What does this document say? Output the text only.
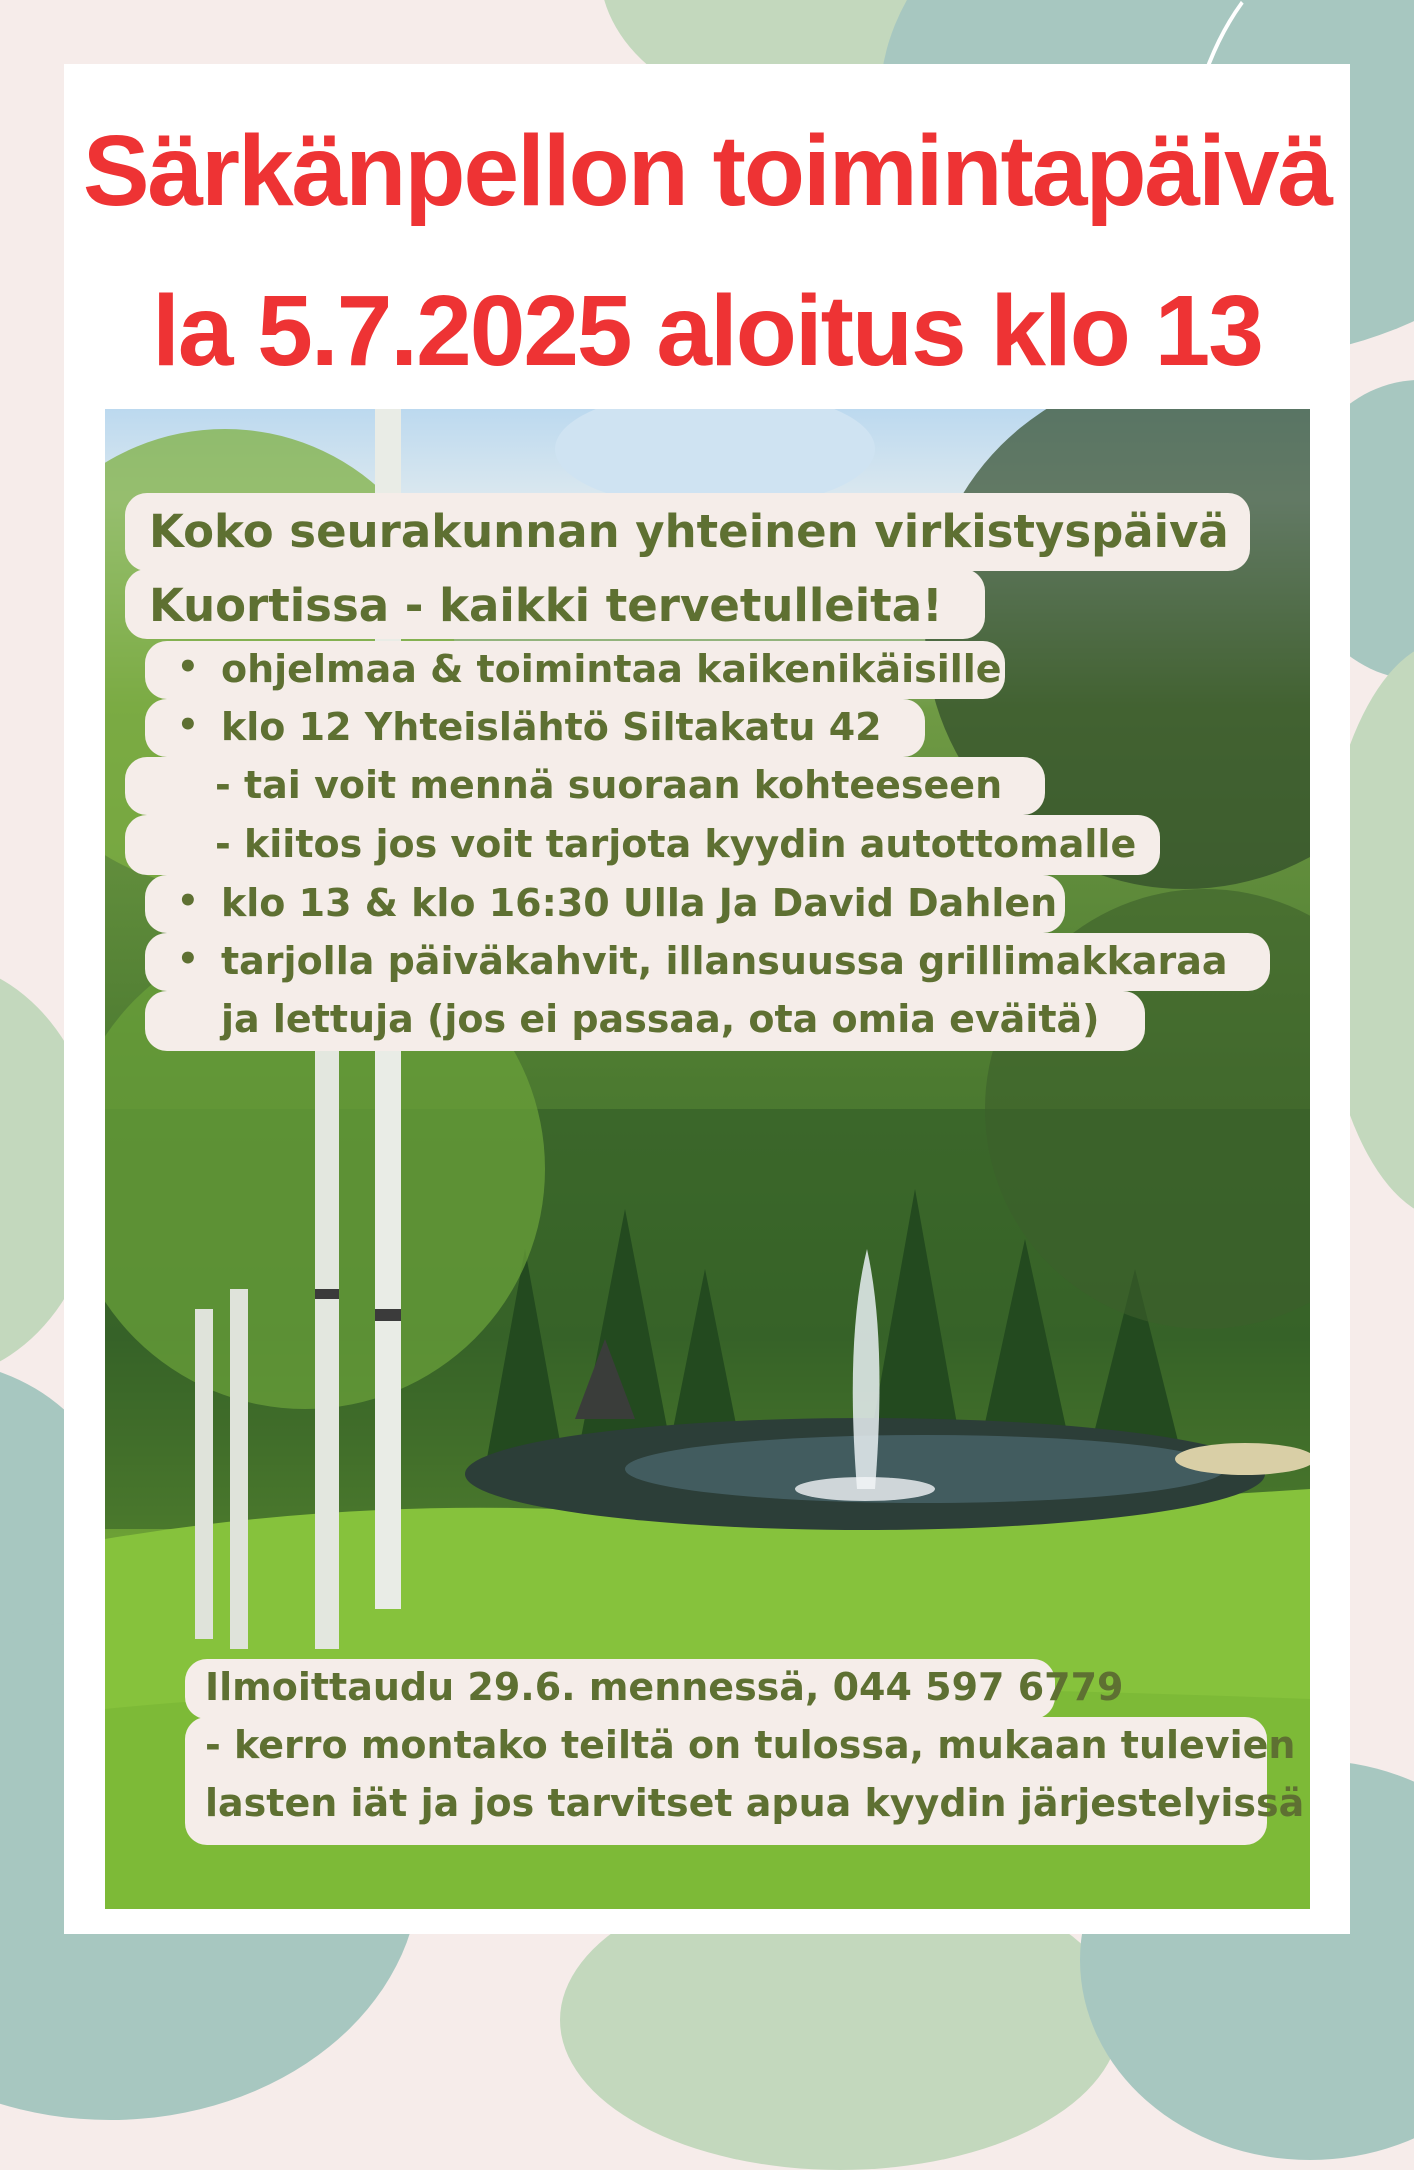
Särkänpellon toimintapäivä
la 5.7.2025 aloitus klo 13
Koko seurakunnan yhteinen virkistyspäivä
Kuortissa - kaikki tervetulleita!
• ohjelmaa & toimintaa kaikenikäisille
• klo 12 Yhteislähtö Siltakatu 42
- tai voit mennä suoraan kohteeseen
- kiitos jos voit tarjota kyydin autottomalle
• klo 13 & klo 16:30 Ulla Ja David Dahlen
• tarjolla päiväkahvit, illansuussa grillimakkaraa
ja lettuja (jos ei passaa, ota omia eväitä)
Ilmoittaudu 29.6. mennessä, 044 597 6779
- kerro montako teiltä on tulossa, mukaan tulevien
lasten iät ja jos tarvitset apua kyydin järjestelyissä
